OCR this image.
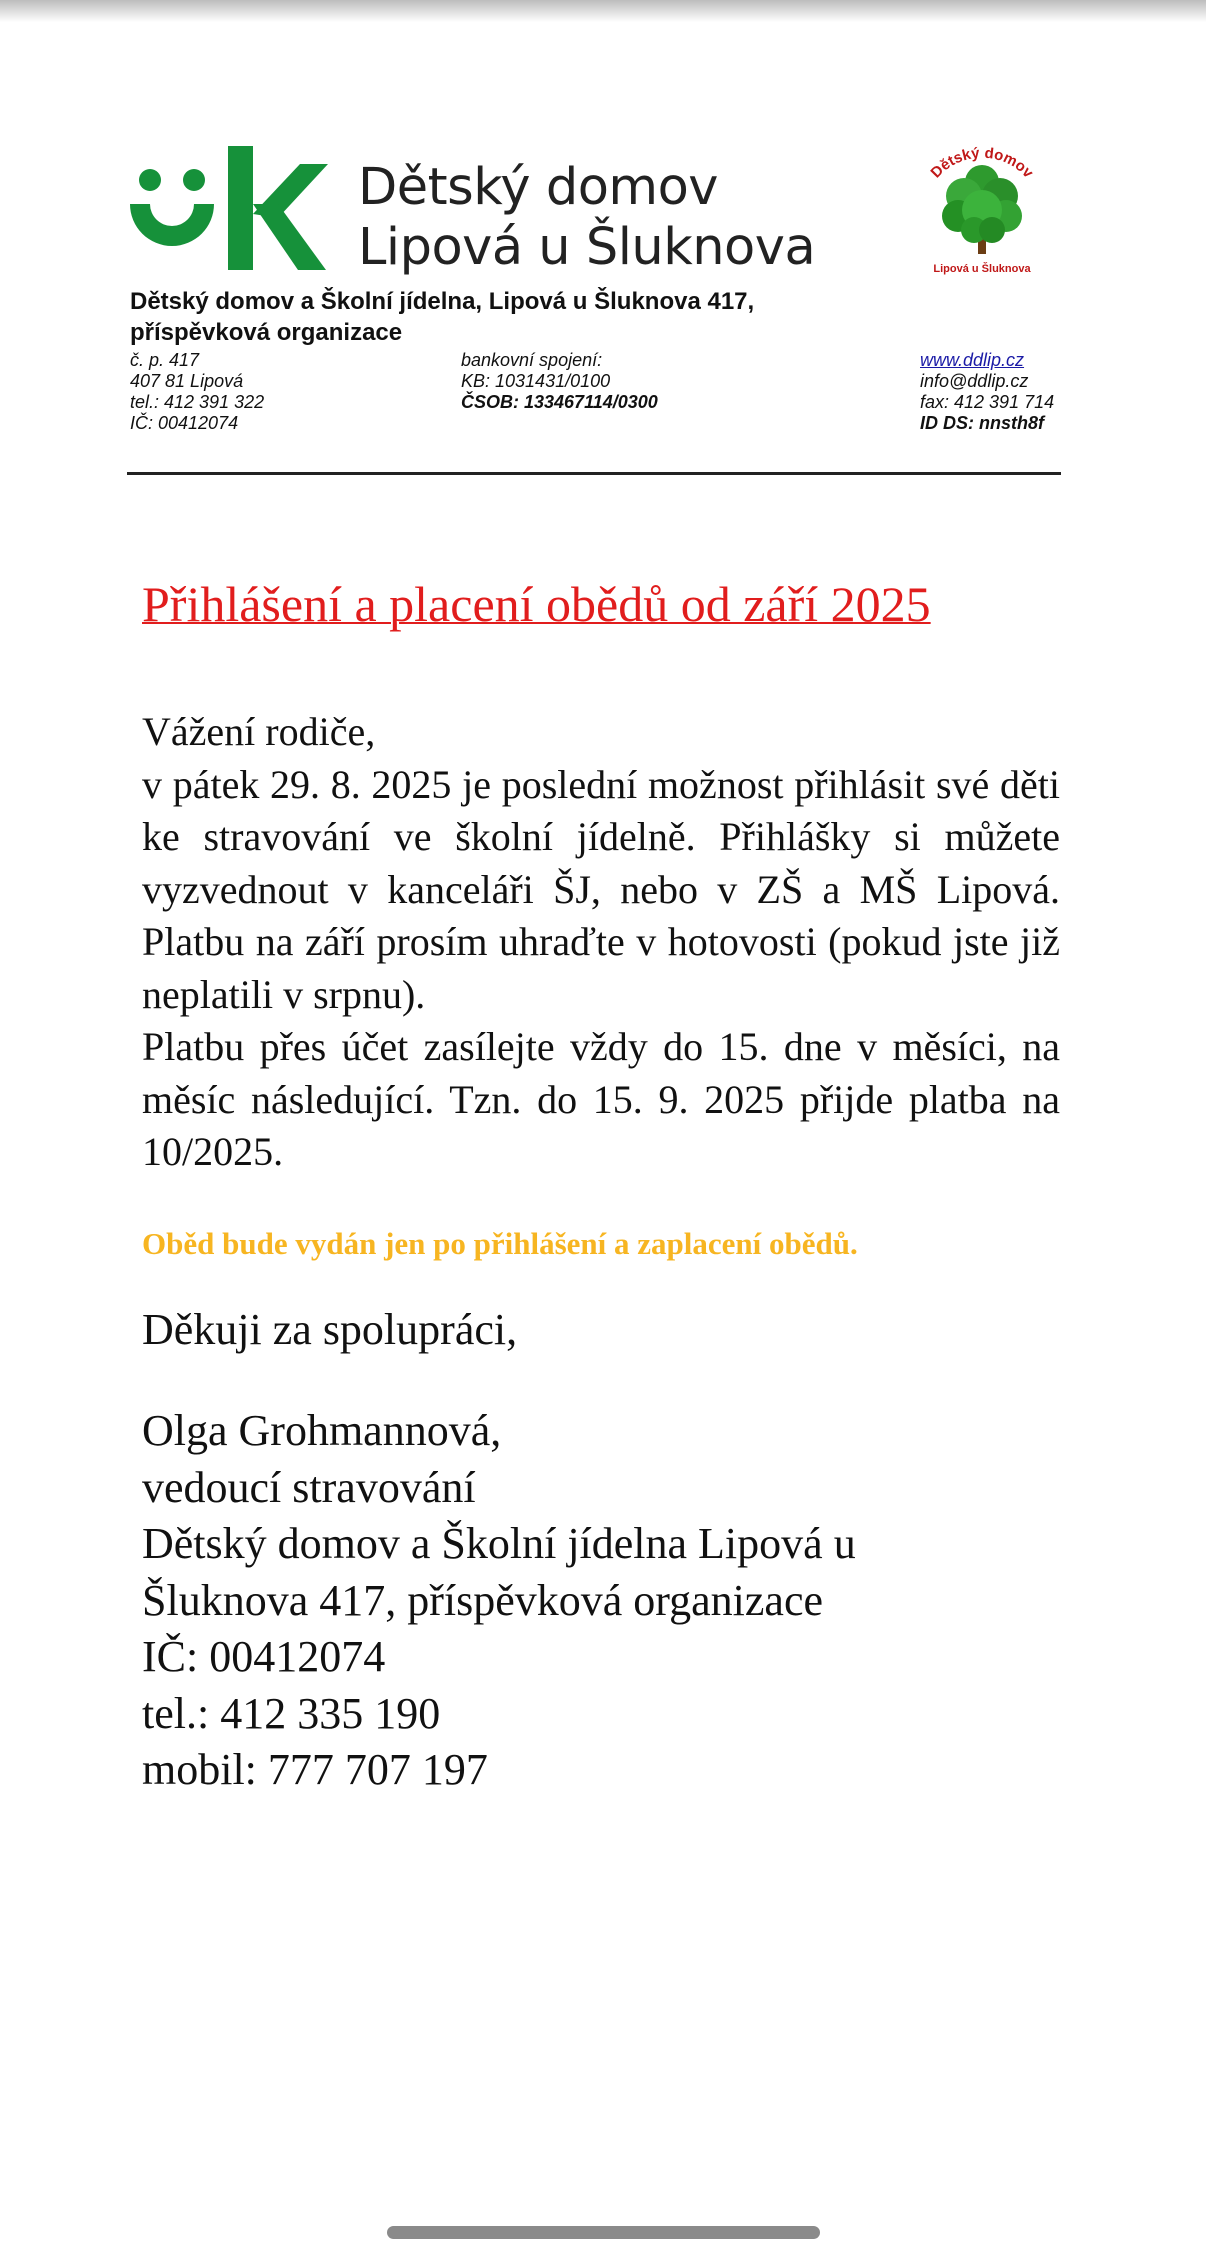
Dětský domov
Lipová u Šluknova
Dětský domov
Lipová u Šluknova
Dětský domov a Školní jídelna, Lipová u Šluknova 417, příspěvková organizace
č. p. 417
407 81 Lipová
tel.: 412 391 322
IČ: 00412074
bankovní spojení:
KB: 1031431/0100
ČSOB: 133467114/0300
www.ddlip.cz
info@ddlip.cz
fax: 412 391 714
ID DS: nnsth8f
Přihlášení a placení obědů od září 2025

Vážení rodiče,

v pátek 29. 8. 2025 je poslední možnost přihlásit své děti ke stravování ve školní jídelně. Přihlášky si můžete vyzvednout v kanceláři ŠJ, nebo v ZŠ a MŠ Lipová. Platbu na září prosím uhraďte v hotovosti (pokud jste již neplatili v srpnu).

Platbu přes účet zasílejte vždy do 15. dne v měsíci, na měsíc následující. Tzn. do 15. 9. 2025 přijde platba na 10/2025.

Oběd bude vydán jen po přihlášení a zaplacení obědů.
Děkuji za spolupráci,
Olga Grohmannová,
vedoucí stravování
Dětský domov a Školní jídelna Lipová u
Šluknova 417, příspěvková organizace
IČ: 00412074
tel.: 412 335 190
mobil: 777 707 197
